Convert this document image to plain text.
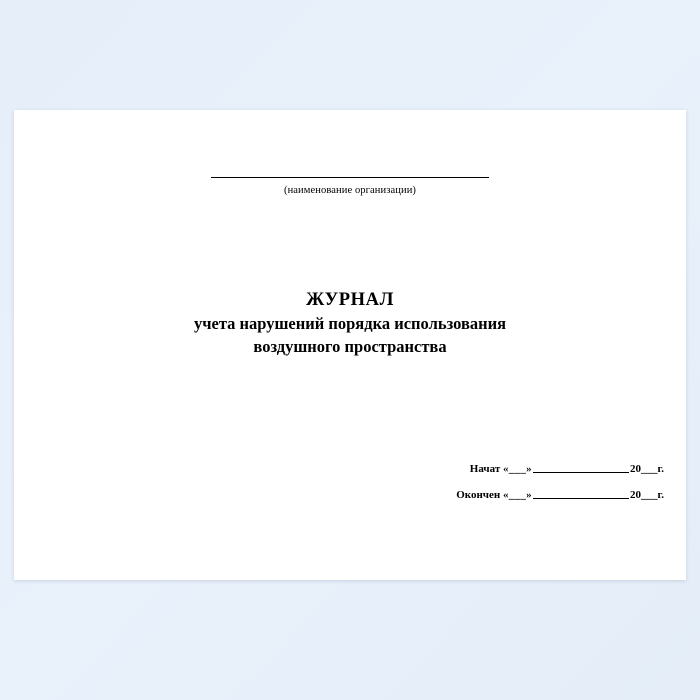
(наименование организации)
ЖУРНАЛ
учета нарушений порядка использования
воздушного пространства
Начат «___»	20___г.
Окончен «___»	20___г.
